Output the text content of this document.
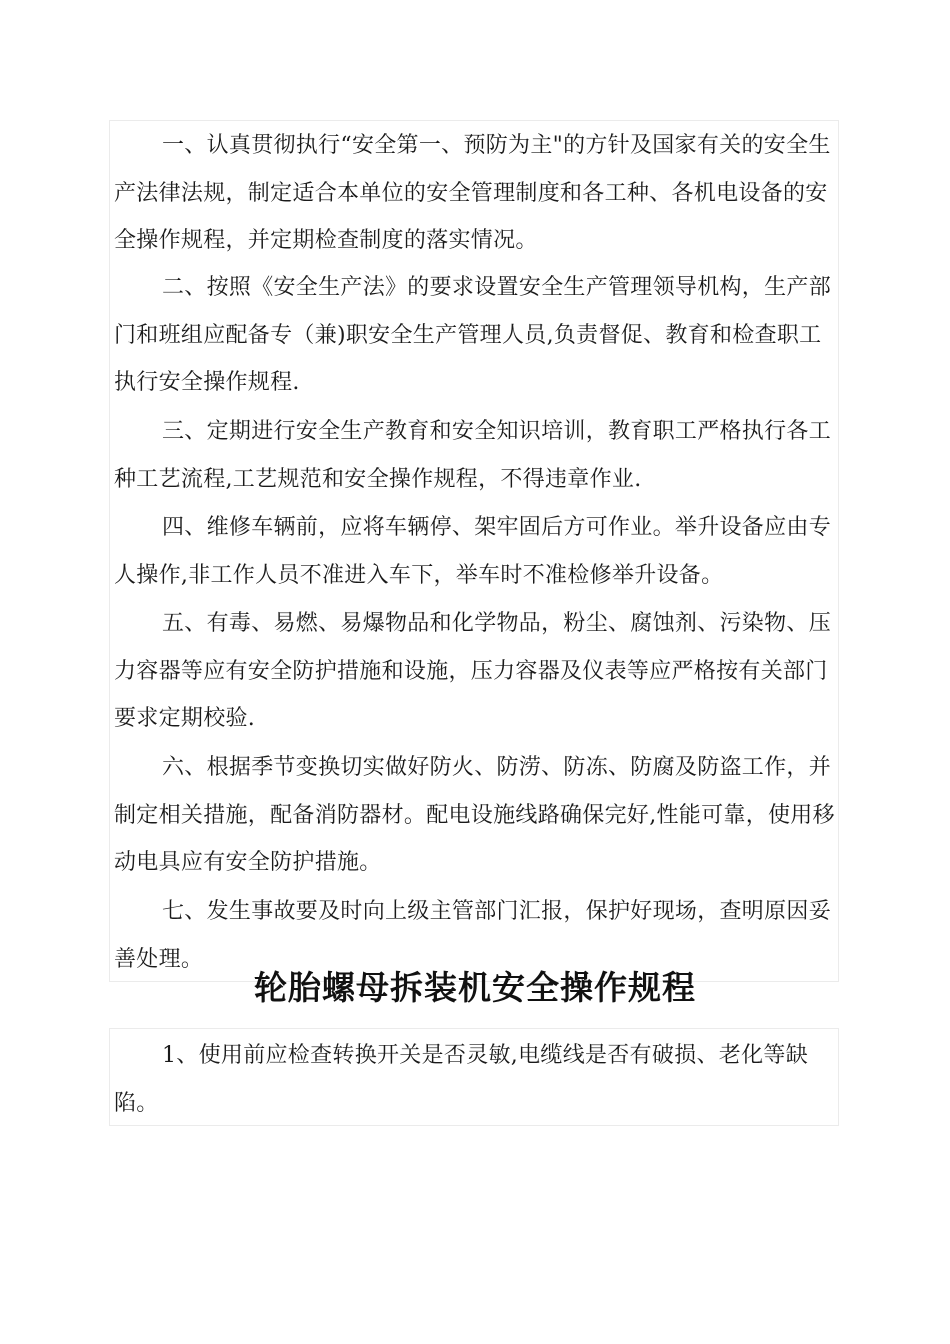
一、认真贯彻执行“安全第一、预防为主"的方针及国家有关的安全生产法律法规，制定适合本单位的安全管理制度和各工种、各机电设备的安全操作规程，并定期检查制度的落实情况。

二、按照《安全生产法》的要求设置安全生产管理领导机构，生产部门和班组应配备专（兼)职安全生产管理人员,负责督促、教育和检查职工执行安全操作规程.

三、定期进行安全生产教育和安全知识培训，教育职工严格执行各工种工艺流程,工艺规范和安全操作规程，不得违章作业.

四、维修车辆前，应将车辆停、架牢固后方可作业。举升设备应由专人操作,非工作人员不准进入车下，举车时不准检修举升设备。

五、有毒、易燃、易爆物品和化学物品，粉尘、腐蚀剂、污染物、压力容器等应有安全防护措施和设施，压力容器及仪表等应严格按有关部门要求定期校验.

六、根据季节变换切实做好防火、防涝、防冻、防腐及防盗工作，并制定相关措施，配备消防器材。配电设施线路确保完好,性能可靠，使用移动电具应有安全防护措施。

七、发生事故要及时向上级主管部门汇报，保护好现场，查明原因妥善处理。

轮胎螺母拆装机安全操作规程

1、使用前应检查转换开关是否灵敏,电缆线是否有破损、老化等缺陷。
